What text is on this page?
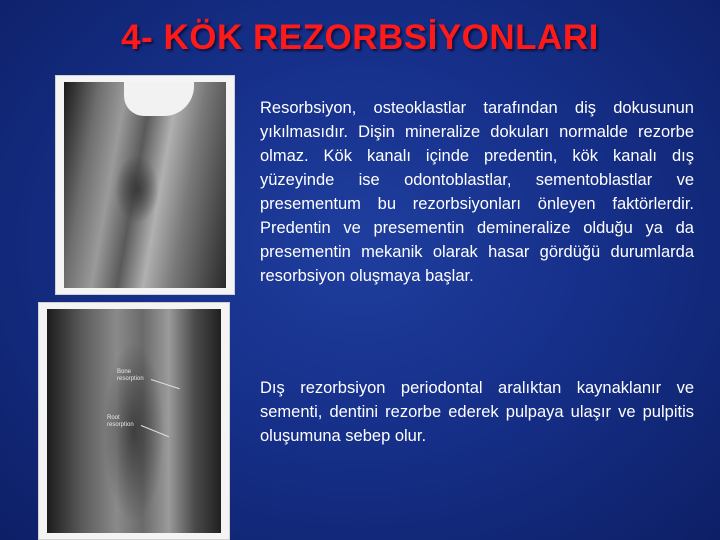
4- KÖK REZORBSİYONLARI
Bone resorption
Root resorption

Resorbsiyon, osteoklastlar tarafından diş dokusunun yıkılmasıdır. Dişin mineralize dokuları normalde rezorbe olmaz. Kök kanalı içinde predentin, kök kanalı dış yüzeyinde ise odontoblastlar, sementoblastlar ve presementum bu rezorbsiyonları önleyen faktörlerdir. Predentin ve presementin demineralize olduğu ya da presementin mekanik olarak hasar gördüğü durumlarda resorbsiyon oluşmaya başlar.

Dış rezorbsiyon periodontal aralıktan kaynaklanır ve sementi, dentini rezorbe ederek pulpaya ulaşır ve pulpitis oluşumuna sebep olur.
